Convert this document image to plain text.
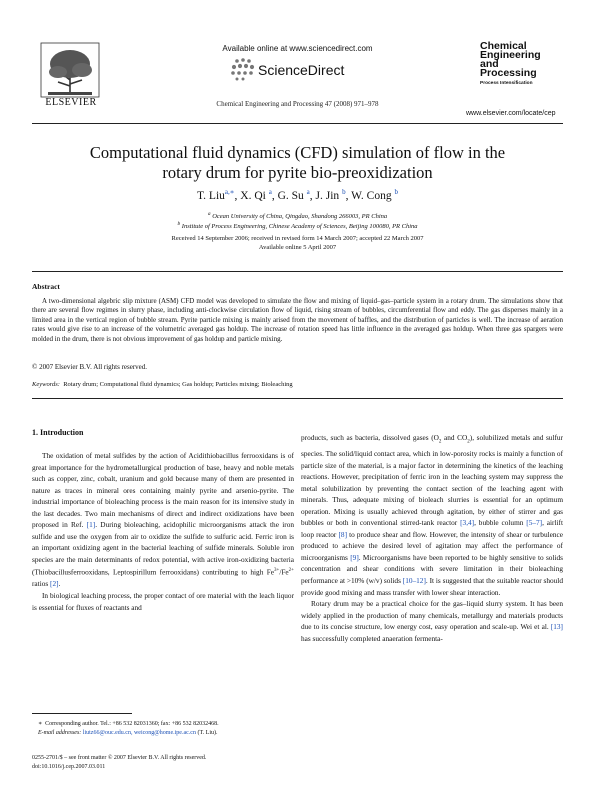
ELSEVIER
Available online at www.sciencedirect.com
ScienceDirect
Chemical Engineering and Processing 47 (2008) 971–978
Chemical
Engineering
and
Processing
Process Intensification
www.elsevier.com/locate/cep
Computational fluid dynamics (CFD) simulation of flow in the
rotary drum for pyrite bio-preoxidization
T. Liu$^{a,∗}$, X. Qi $^a$, G. Su $^a$, J. Jin $^b$, W. Cong $^b$
$^a$ Ocean University of China, Qingdao, Shandong 266003, PR China
$^b$ Institute of Process Engineering, Chinese Academy of Sciences, Beijing 100080, PR China
Received 14 September 2006; received in revised form 14 March 2007; accepted 22 March 2007
Available online 5 April 2007
Abstract
A two-dimensional algebric slip mixture (ASM) CFD model was developed to simulate the flow and mixing of liquid–gas–particle system in a rotary drum. The simulations show that there are several flow regimes in slurry phase, including anti-clockwise circulation flow of liquid, rising stream of bubbles, circumferential flow and eddy. The gas disperses mainly in a limited area in the vertical region of bubble stream. Pyrite particle mixing is mainly arised from the movement of baffles, and the distribution of particles is well. The increase of aeration rates would give rise to an increase of the volumetric averaged gas holdup. The increase of rotation speed has little influence in the averaged gas holdup. When three gas spargers were molded in the drum, there is not obvious improvement of gas holdup and particle mixing.
© 2007 Elsevier B.V. All rights reserved.
Keywords: Rotary drum; Computational fluid dynamics; Gas holdup; Particles mixing; Bioleaching
1. Introduction

The oxidation of metal sulfides by the action of Acidithiobacillus ferrooxidans is of great importance for the hydrometallurgical production of base, heavy and noble metals such as copper, zinc, cobalt, uranium and gold because many of them are presented in nature as traces in mineral ores containing mainly pyrite and arsenio-pyrite. The industrial importance of bioleaching process is the main reason for its intensive study in the last decades. Two main mechanisms of direct and indirect oxidizations have been proposed in Ref. [1]. During bioleaching, acidophilic microorganisms attack the iron sulfide and use the oxygen from air to oxidize the sulfide to sulfuric acid. Ferric iron is an important oxidizing agent in the bacterial leaching of sulfide minerals. Soluble iron species are the main determinants of redox potential, with active iron-oxidizing bacteria (Thiobacillusferrooxidans, Leptospirillum ferrooxidans) contributing to high $Fe^{3+}/Fe^{2+}$ ratios [2].

In biological leaching process, the proper contact of ore material with the leach liquor is essential for fluxes of reactants and

products, such as bacteria, dissolved gases ($O_2$ and $CO_2$), solubilized metals and sulfur species. The solid/liquid contact area, which in low-porosity rocks is mainly a function of particle size of the material, is a major factor in determining the kinetics of the leaching reactions. However, precipitation of ferric iron in the leaching system may suppress the metal solubilization by preventing the contact section of the leaching agent with minerals. Thus, adequate mixing of bioleach slurries is essential for an optimum operation. Mixing is usually achieved through agitation, by either of stirrer and gas bubbles or both in conventional stirred-tank reactor [3,4], bubble column [5–7], airlift loop reactor [8] to produce shear and flow. However, the intensity of shear or turbulence produced to achieve the desired level of agitation may affect the performance of microorganisms [9]. Microorganisms have been reported to be highly sensitive to solids concentration and shear conditions with severe limitation in their bioleaching performance at >10% (w/v) solids [10–12]. It is suggested that the suitable reactor should provide good mixing and mass transfer with lower shear interaction.

Rotary drum may be a practical choice for the gas–liquid slurry system. It has been widely applied in the production of many chemicals, metallurgy and materials products due to its concise structure, low energy cost, easy operation and scale-up. Wei et al. [13] has successfully completed anaeration fermenta-

∗ Corresponding author. Tel.: +86 532 82031360; fax: +86 532 82032468.
E-mail addresses: liutz66@ouc.edu.cn, weicong@home.ipe.ac.cn (T. Liu).
0255-2701/$ – see front matter © 2007 Elsevier B.V. All rights reserved.
doi:10.1016/j.cep.2007.03.011
